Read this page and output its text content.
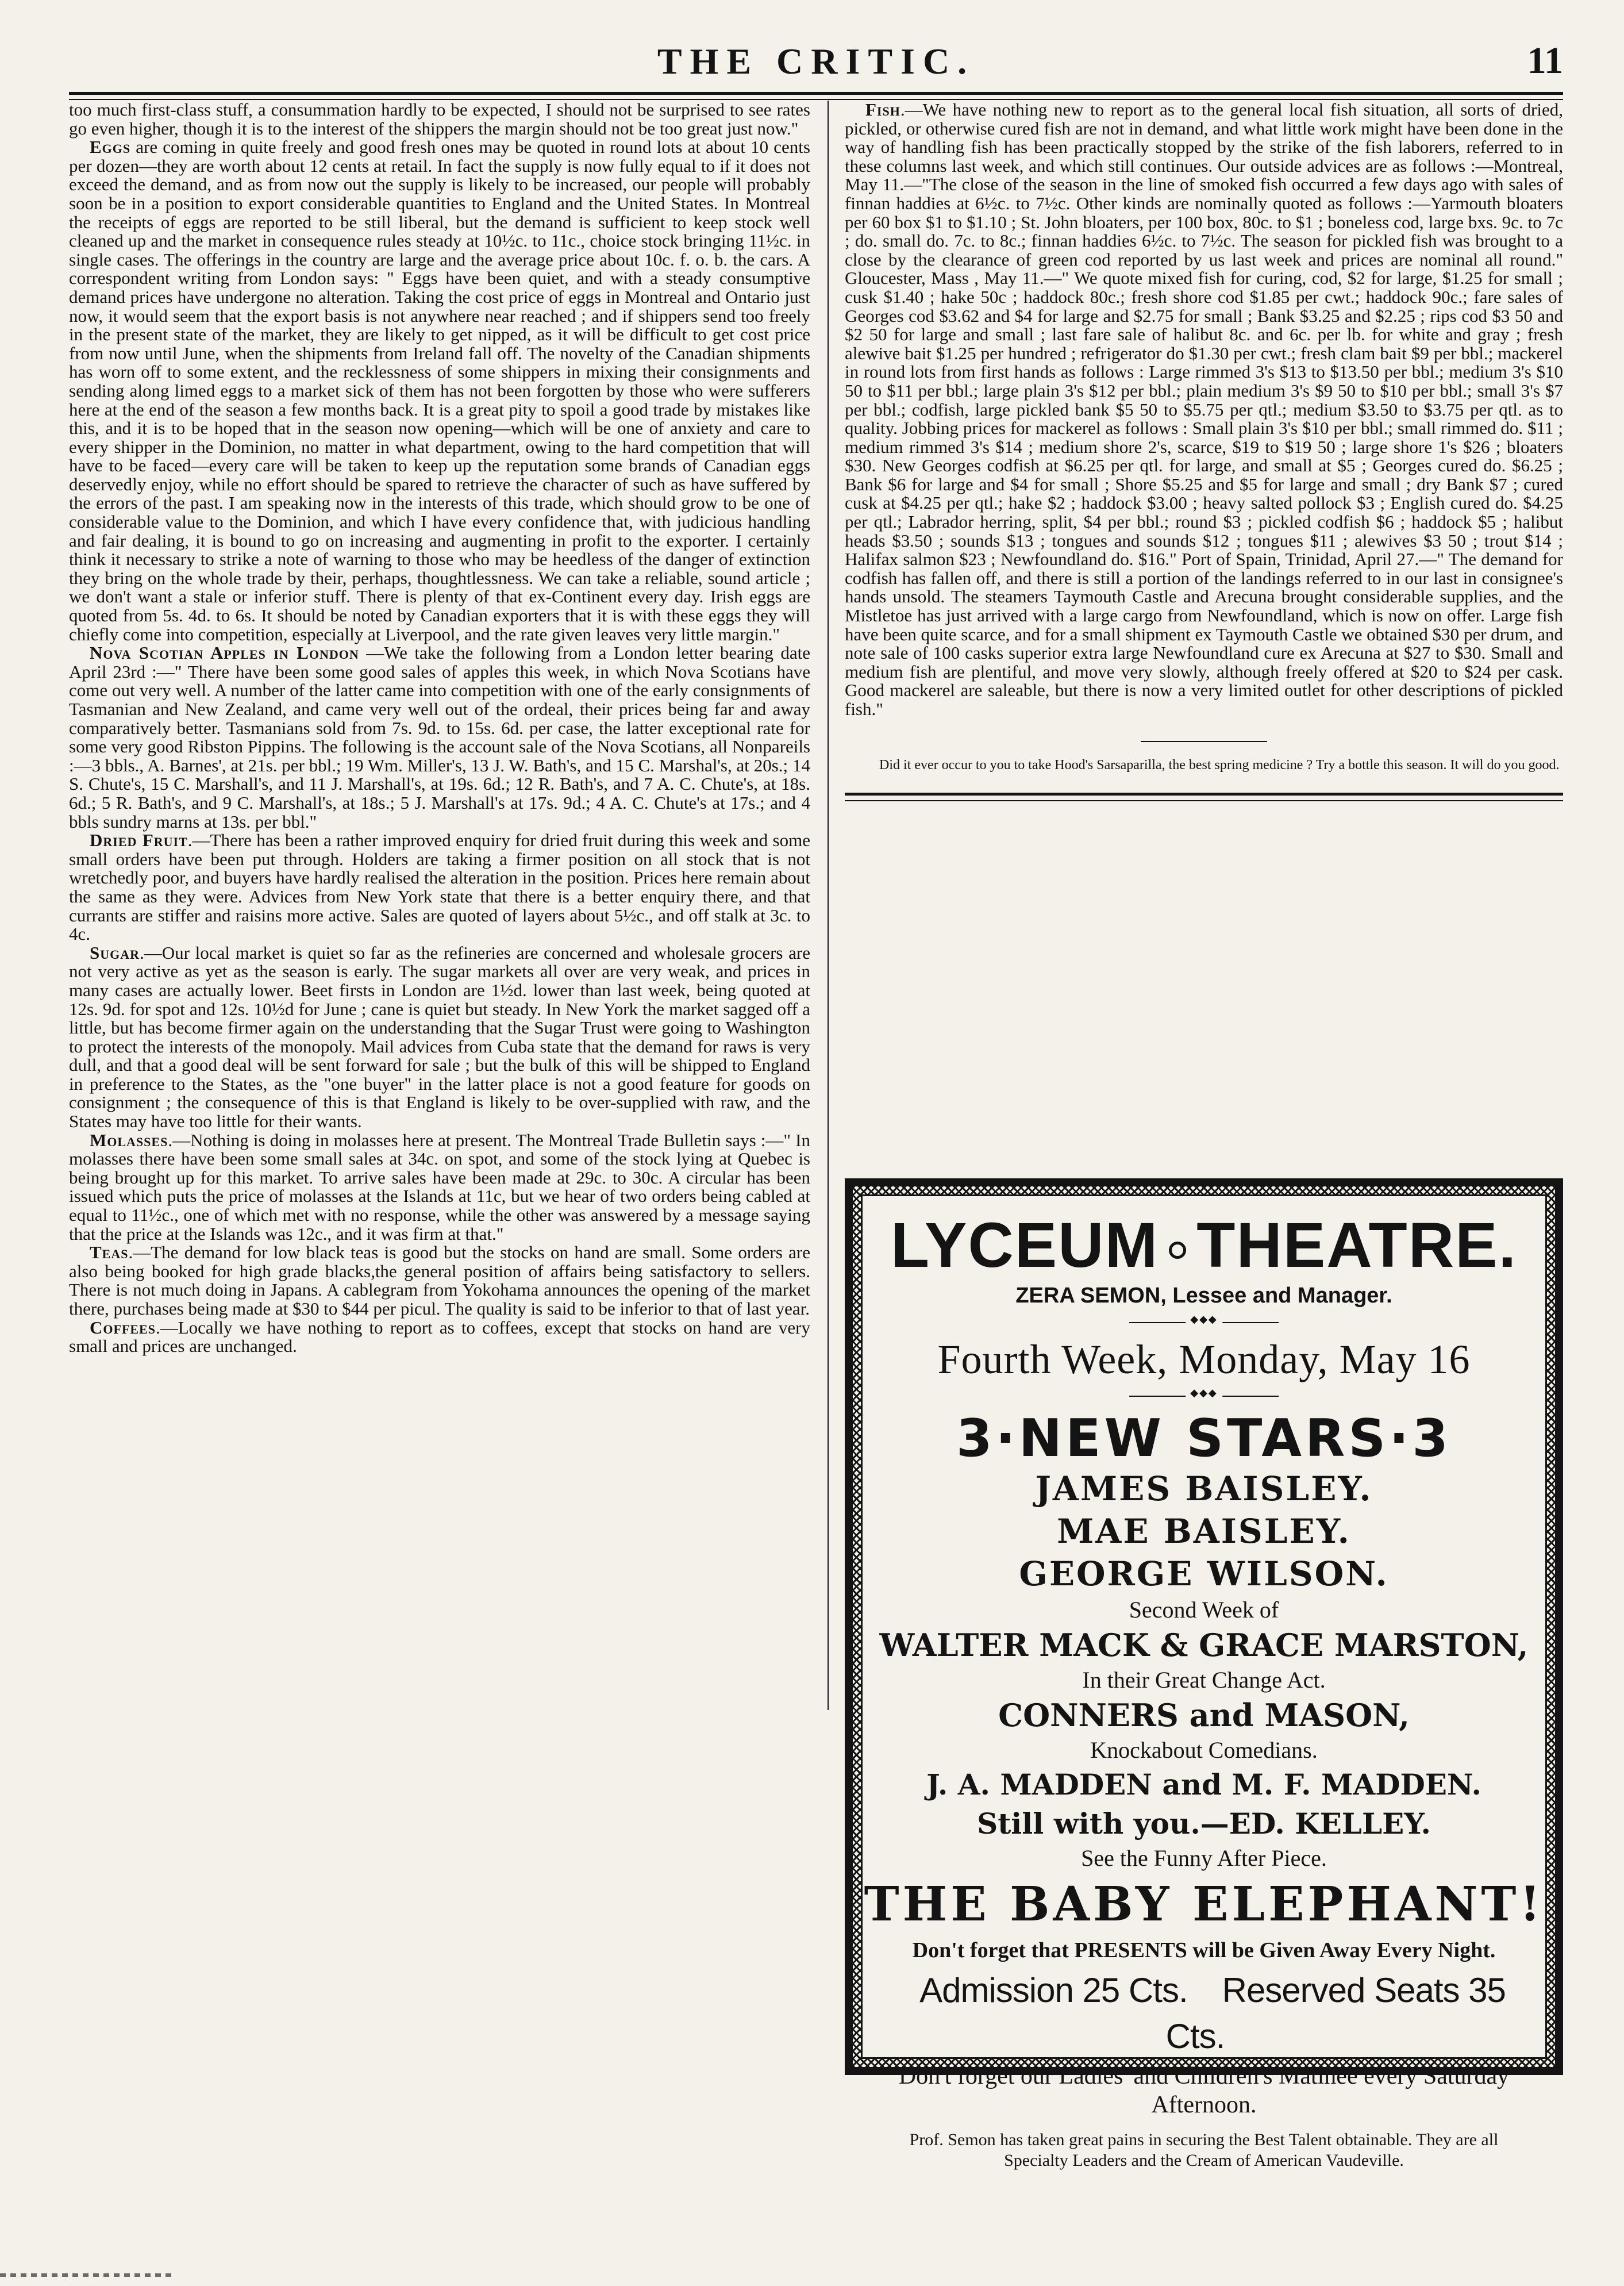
THE CRITIC.	11

too much first-class stuff, a consummation hardly to be expected, I should not be surprised to see rates go even higher, though it is to the interest of the shippers the margin should not be too great just now."

Eggs are coming in quite freely and good fresh ones may be quoted in round lots at about 10 cents per dozen—they are worth about 12 cents at retail. In fact the supply is now fully equal to if it does not exceed the demand, and as from now out the supply is likely to be increased, our people will probably soon be in a position to export considerable quantities to England and the United States. In Montreal the receipts of eggs are reported to be still liberal, but the demand is sufficient to keep stock well cleaned up and the market in consequence rules steady at 10½c. to 11c., choice stock bringing 11½c. in single cases. The offerings in the country are large and the average price about 10c. f. o. b. the cars. A correspondent writing from London says: " Eggs have been quiet, and with a steady consumptive demand prices have undergone no alteration. Taking the cost price of eggs in Montreal and Ontario just now, it would seem that the export basis is not anywhere near reached ; and if shippers send too freely in the present state of the market, they are likely to get nipped, as it will be difficult to get cost price from now until June, when the shipments from Ireland fall off. The novelty of the Canadian shipments has worn off to some extent, and the recklessness of some shippers in mixing their consignments and sending along limed eggs to a market sick of them has not been forgotten by those who were sufferers here at the end of the season a few months back. It is a great pity to spoil a good trade by mistakes like this, and it is to be hoped that in the season now opening—which will be one of anxiety and care to every shipper in the Dominion, no matter in what department, owing to the hard competition that will have to be faced—every care will be taken to keep up the reputation some brands of Canadian eggs deservedly enjoy, while no effort should be spared to retrieve the character of such as have suffered by the errors of the past. I am speaking now in the interests of this trade, which should grow to be one of considerable value to the Dominion, and which I have every confidence that, with judicious handling and fair dealing, it is bound to go on increasing and augmenting in profit to the exporter. I certainly think it necessary to strike a note of warning to those who may be heedless of the danger of extinction they bring on the whole trade by their, perhaps, thoughtlessness. We can take a reliable, sound article ; we don't want a stale or inferior stuff. There is plenty of that ex-Continent every day. Irish eggs are quoted from 5s. 4d. to 6s. It should be noted by Canadian exporters that it is with these eggs they will chiefly come into competition, especially at Liverpool, and the rate given leaves very little margin."

Nova Scotian Apples in London —We take the following from a London letter bearing date April 23rd :—" There have been some good sales of apples this week, in which Nova Scotians have come out very well. A number of the latter came into competition with one of the early consignments of Tasmanian and New Zealand, and came very well out of the ordeal, their prices being far and away comparatively better. Tasmanians sold from 7s. 9d. to 15s. 6d. per case, the latter exceptional rate for some very good Ribston Pippins. The following is the account sale of the Nova Scotians, all Nonpareils :—3 bbls., A. Barnes', at 21s. per bbl.; 19 Wm. Miller's, 13 J. W. Bath's, and 15 C. Marshal's, at 20s.; 14 S. Chute's, 15 C. Marshall's, and 11 J. Marshall's, at 19s. 6d.; 12 R. Bath's, and 7 A. C. Chute's, at 18s. 6d.; 5 R. Bath's, and 9 C. Marshall's, at 18s.; 5 J. Marshall's at 17s. 9d.; 4 A. C. Chute's at 17s.; and 4 bbls sundry marns at 13s. per bbl."

Dried Fruit.—There has been a rather improved enquiry for dried fruit during this week and some small orders have been put through. Holders are taking a firmer position on all stock that is not wretchedly poor, and buyers have hardly realised the alteration in the position. Prices here remain about the same as they were. Advices from New York state that there is a better enquiry there, and that currants are stiffer and raisins more active. Sales are quoted of layers about 5½c., and off stalk at 3c. to 4c.

Sugar.—Our local market is quiet so far as the refineries are concerned and wholesale grocers are not very active as yet as the season is early. The sugar markets all over are very weak, and prices in many cases are actually lower. Beet firsts in London are 1½d. lower than last week, being quoted at 12s. 9d. for spot and 12s. 10½d for June ; cane is quiet but steady. In New York the market sagged off a little, but has become firmer again on the understanding that the Sugar Trust were going to Washington to protect the interests of the monopoly. Mail advices from Cuba state that the demand for raws is very dull, and that a good deal will be sent forward for sale ; but the bulk of this will be shipped to England in preference to the States, as the "one buyer" in the latter place is not a good feature for goods on consignment ; the consequence of this is that England is likely to be over-supplied with raw, and the States may have too little for their wants.

Molasses.—Nothing is doing in molasses here at present. The Montreal Trade Bulletin says :—" In molasses there have been some small sales at 34c. on spot, and some of the stock lying at Quebec is being brought up for this market. To arrive sales have been made at 29c. to 30c. A circular has been issued which puts the price of molasses at the Islands at 11c, but we hear of two orders being cabled at equal to 11½c., one of which met with no response, while the other was answered by a message saying that the price at the Islands was 12c., and it was firm at that."

Teas.—The demand for low black teas is good but the stocks on hand are small. Some orders are also being booked for high grade blacks,the general position of affairs being satisfactory to sellers. There is not much doing in Japans. A cablegram from Yokohama announces the opening of the market there, purchases being made at $30 to $44 per picul. The quality is said to be inferior to that of last year.

Coffees.—Locally we have nothing to report as to coffees, except that stocks on hand are very small and prices are unchanged.

Fish.—We have nothing new to report as to the general local fish situation, all sorts of dried, pickled, or otherwise cured fish are not in demand, and what little work might have been done in the way of handling fish has been practically stopped by the strike of the fish laborers, referred to in these columns last week, and which still continues. Our outside advices are as follows :—Montreal, May 11.—"The close of the season in the line of smoked fish occurred a few days ago with sales of finnan haddies at 6½c. to 7½c. Other kinds are nominally quoted as follows :—Yarmouth bloaters per 60 box $1 to $1.10 ; St. John bloaters, per 100 box, 80c. to $1 ; boneless cod, large bxs. 9c. to 7c ; do. small do. 7c. to 8c.; finnan haddies 6½c. to 7½c. The season for pickled fish was brought to a close by the clearance of green cod reported by us last week and prices are nominal all round." Gloucester, Mass , May 11.—" We quote mixed fish for curing, cod, $2 for large, $1.25 for small ; cusk $1.40 ; hake 50c ; haddock 80c.; fresh shore cod $1.85 per cwt.; haddock 90c.; fare sales of Georges cod $3.62 and $4 for large and $2.75 for small ; Bank $3.25 and $2.25 ; rips cod $3 50 and $2 50 for large and small ; last fare sale of halibut 8c. and 6c. per lb. for white and gray ; fresh alewive bait $1.25 per hundred ; refrigerator do $1.30 per cwt.; fresh clam bait $9 per bbl.; mackerel in round lots from first hands as follows : Large rimmed 3's $13 to $13.50 per bbl.; medium 3's $10 50 to $11 per bbl.; large plain 3's $12 per bbl.; plain medium 3's $9 50 to $10 per bbl.; small 3's $7 per bbl.; codfish, large pickled bank $5 50 to $5.75 per qtl.; medium $3.50 to $3.75 per qtl. as to quality. Jobbing prices for mackerel as follows : Small plain 3's $10 per bbl.; small rimmed do. $11 ; medium rimmed 3's $14 ; medium shore 2's, scarce, $19 to $19 50 ; large shore 1's $26 ; bloaters $30. New Georges codfish at $6.25 per qtl. for large, and small at $5 ; Georges cured do. $6.25 ; Bank $6 for large and $4 for small ; Shore $5.25 and $5 for large and small ; dry Bank $7 ; cured cusk at $4.25 per qtl.; hake $2 ; haddock $3.00 ; heavy salted pollock $3 ; English cured do. $4.25 per qtl.; Labrador herring, split, $4 per bbl.; round $3 ; pickled codfish $6 ; haddock $5 ; halibut heads $3.50 ; sounds $13 ; tongues and sounds $12 ; tongues $11 ; alewives $3 50 ; trout $14 ; Halifax salmon $23 ; Newfoundland do. $16." Port of Spain, Trinidad, April 27.—" The demand for codfish has fallen off, and there is still a portion of the landings referred to in our last in consignee's hands unsold. The steamers Taymouth Castle and Arecuna brought considerable supplies, and the Mistletoe has just arrived with a large cargo from Newfoundland, which is now on offer. Large fish have been quite scarce, and for a small shipment ex Taymouth Castle we obtained $30 per drum, and note sale of 100 casks superior extra large Newfoundland cure ex Arecuna at $27 to $30. Small and medium fish are plentiful, and move very slowly, although freely offered at $20 to $24 per cask. Good mackerel are saleable, but there is now a very limited outlet for other descriptions of pickled fish."

Did it ever occur to you to take Hood's Sarsaparilla, the best spring medicine ? Try a bottle this season. It will do you good.

LYCEUM THEATRE.
ZERA SEMON, Lessee and Manager.
◆◆◆
Fourth Week, Monday, May 16
◆◆◆
3·NEW STARS·3
JAMES BAISLEY.
MAE BAISLEY.
GEORGE WILSON.
Second Week of
WALTER MACK & GRACE MARSTON,
In their Great Change Act.
CONNERS and MASON,
Knockabout Comedians.
J. A. MADDEN and M. F. MADDEN.
Still with you.—ED. KELLEY.
See the Funny After Piece.
THE BABY ELEPHANT!
Don't forget that PRESENTS will be Given Away Every Night.
Admission 25 Cts. Reserved Seats 35 Cts.
Don't forget our Ladies' and Children's Matinee every Saturday Afternoon.
Prof. Semon has taken great pains in securing the Best Talent obtainable. They are all Specialty Leaders and the Cream of American Vaudeville.
